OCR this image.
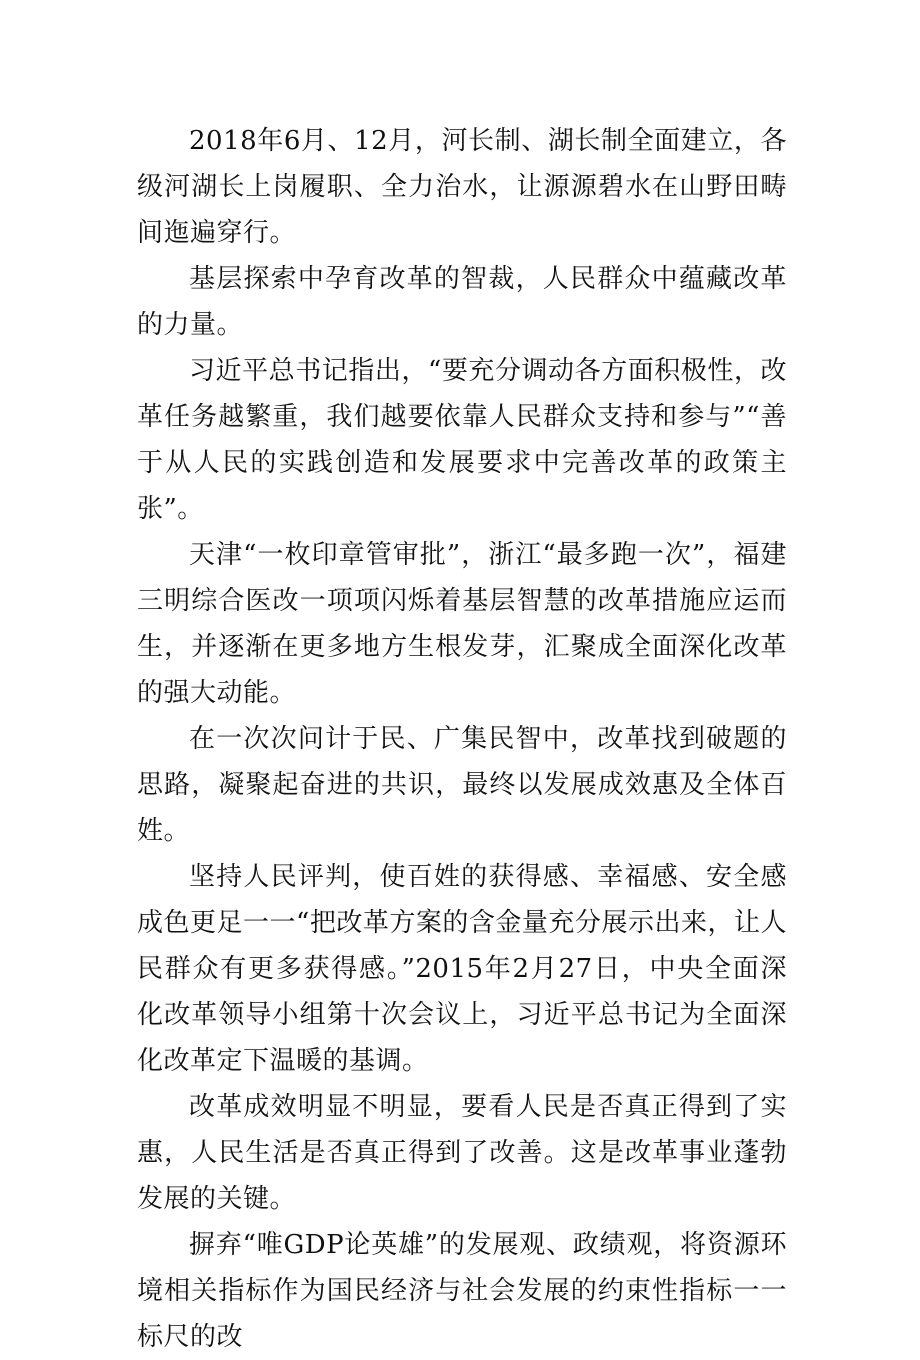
2018年6月、12月，河长制、湖长制全面建立，各级河湖长上岗履职、全力治水，让源源碧水在山野田畴间迤遍穿行。

基层探索中孕育改革的智裁，人民群众中蕴藏改革的力量。

习近平总书记指出，“要充分调动各方面积极性，改革任务越繁重，我们越要依靠人民群众支持和参与”“善于从人民的实践创造和发展要求中完善改革的政策主张”。

天津“一枚印章管审批”，浙江“最多跑一次”，福建三明综合医改一项项闪烁着基层智慧的改革措施应运而生，并逐渐在更多地方生根发芽，汇聚成全面深化改革的强大动能。

在一次次问计于民、广集民智中，改革找到破题的思路，凝聚起奋进的共识，最终以发展成效惠及全体百姓。

坚持人民评判，使百姓的获得感、幸福感、安全感成色更足一一“把改革方案的含金量充分展示出来，让人民群众有更多获得感。”2015年2月27日，中央全面深化改革领导小组第十次会议上，习近平总书记为全面深化改革定下温暖的基调。

改革成效明显不明显，要看人民是否真正得到了实惠，人民生活是否真正得到了改善。这是改革事业蓬勃发展的关键。

摒弃“唯GDP论英雄”的发展观、政绩观，将资源环境相关指标作为国民经济与社会发展的约束性指标一一标尺的改
